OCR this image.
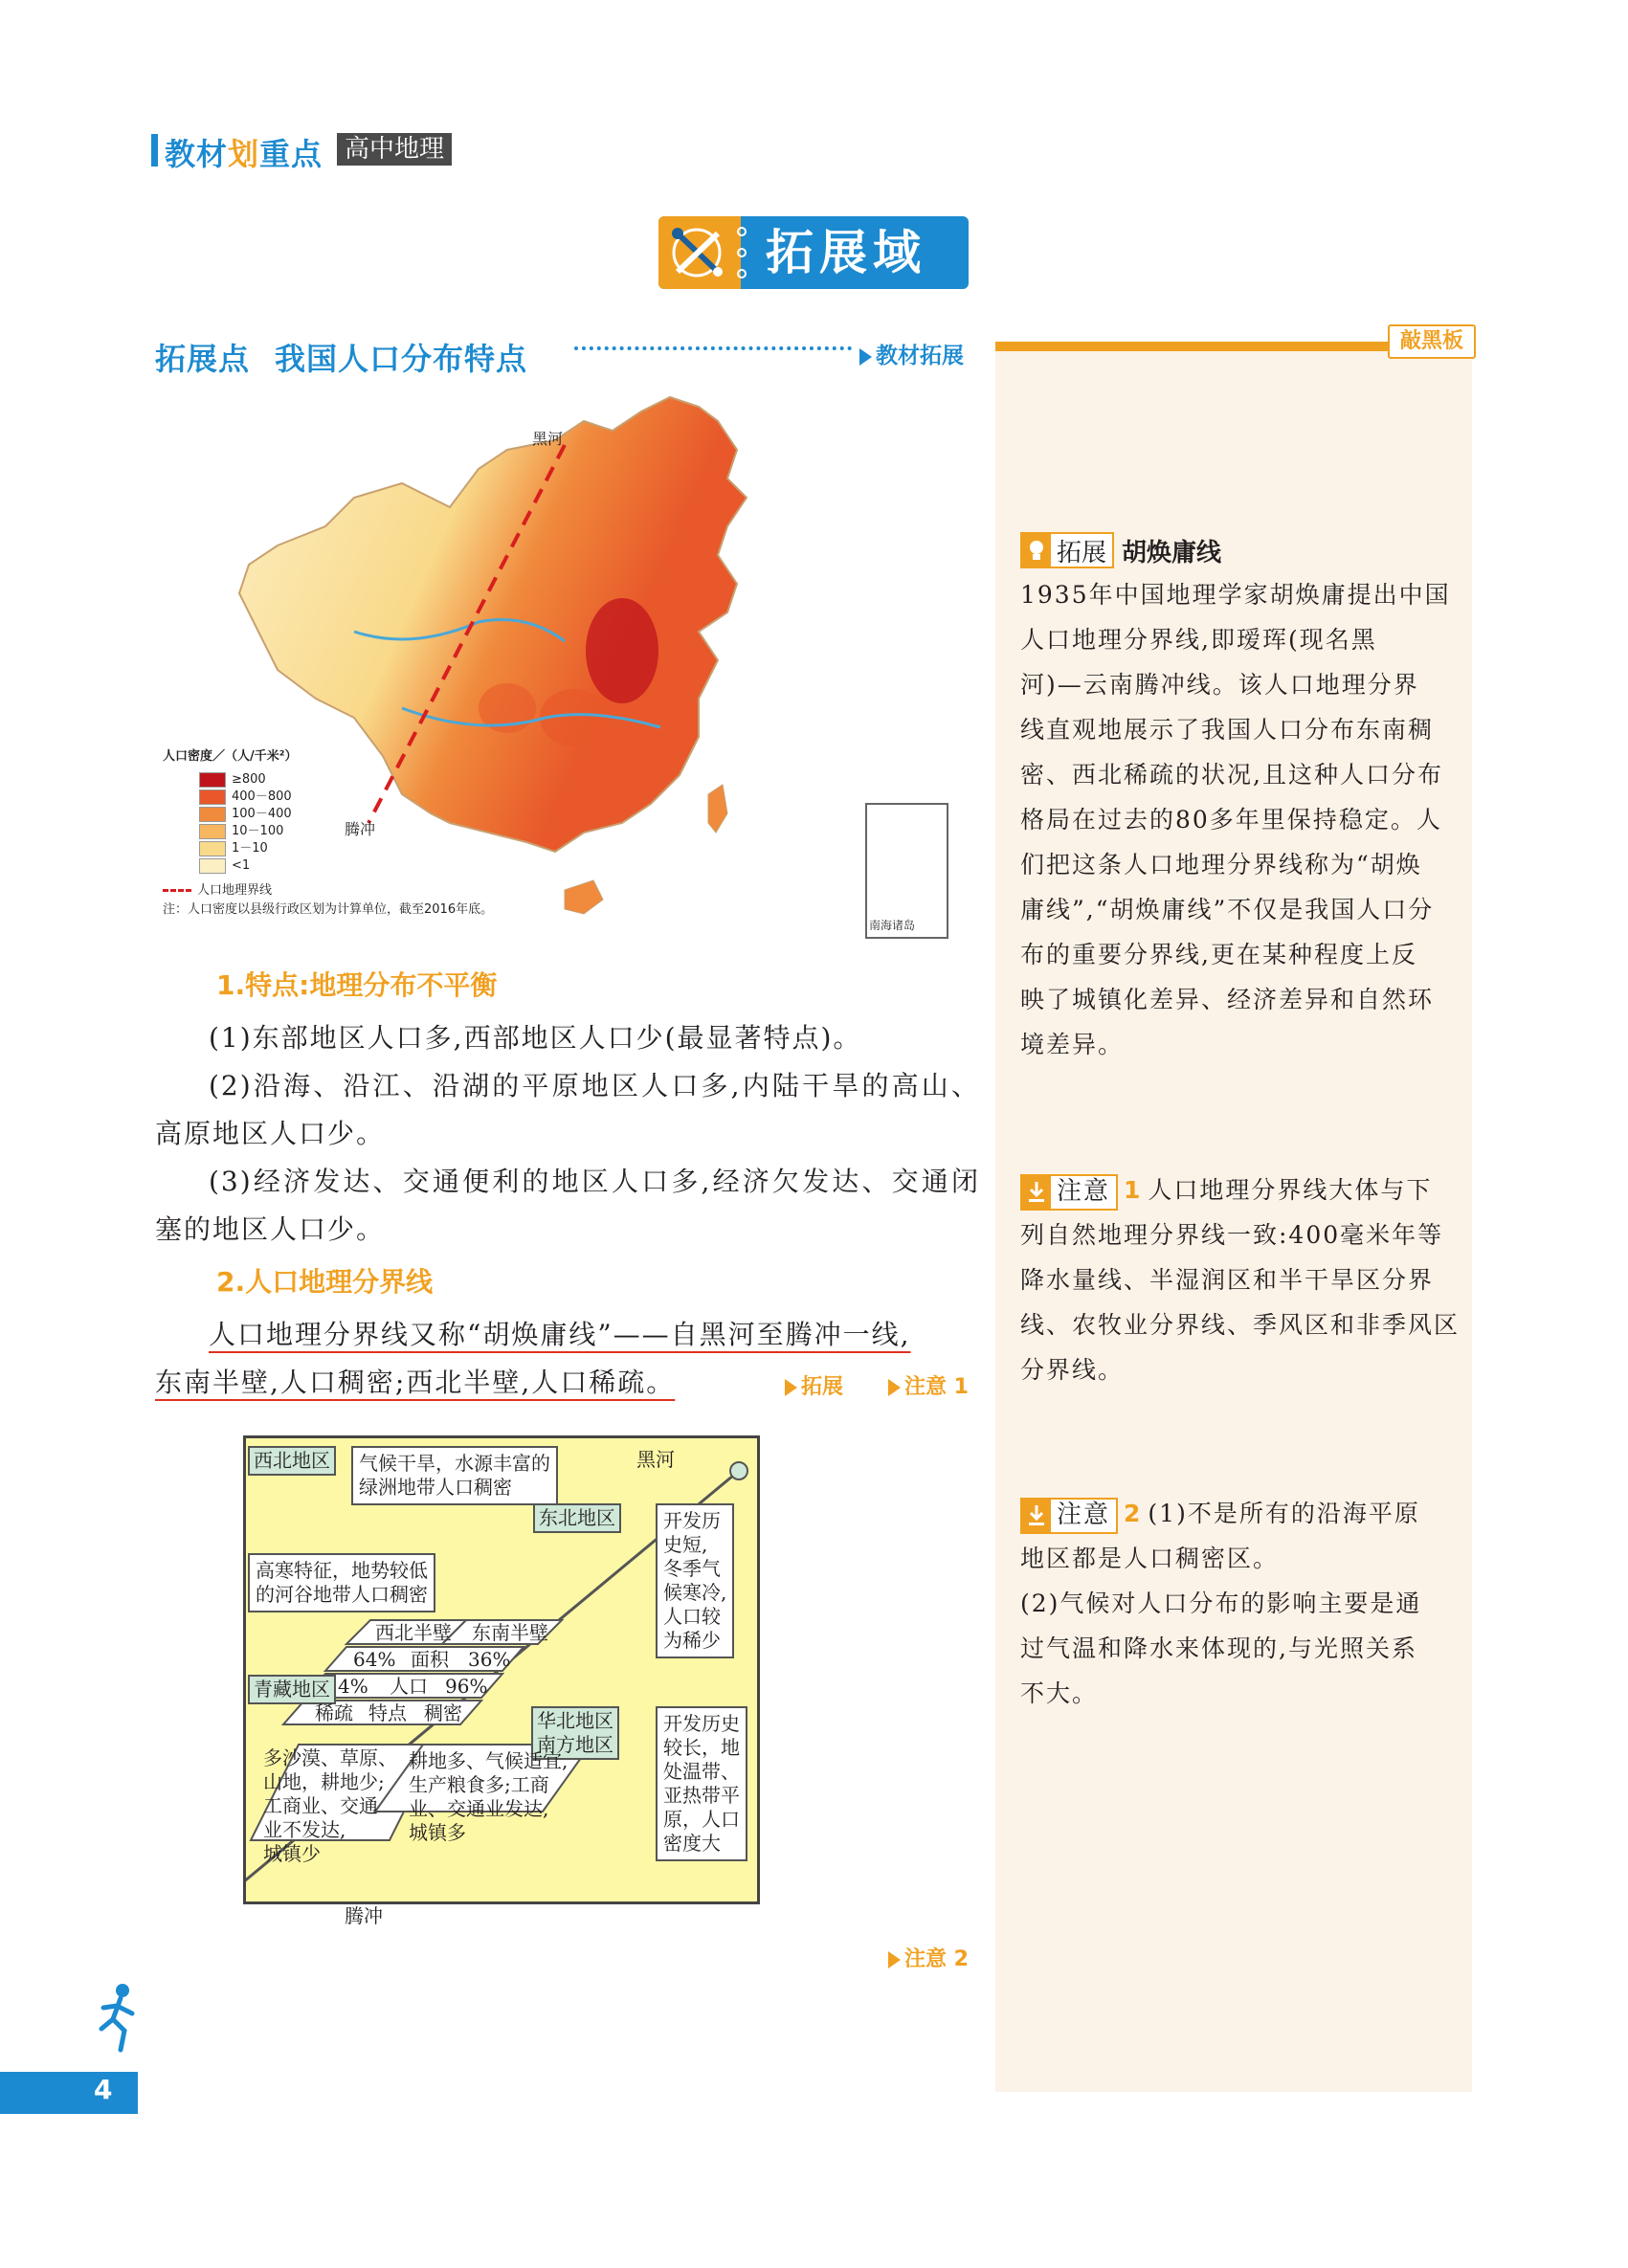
教材划重点 高中地理
拓展域
拓展点 我国人口分布特点	教材拓展
敲黑板
拓展 胡焕庸线
1935年中国地理学家胡焕庸提出中国
人口地理分界线,即瑷珲(现名黑
河)—云南腾冲线。该人口地理分界
线直观地展示了我国人口分布东南稠
密、西北稀疏的状况,且这种人口分布
格局在过去的80多年里保持稳定。人
们把这条人口地理分界线称为“胡焕
庸线”,“胡焕庸线”不仅是我国人口分
布的重要分界线,更在某种程度上反
映了城镇化差异、经济差异和自然环
境差异。
注意 1 人口地理分界线大体与下
列自然地理分界线一致:400毫米年等
降水量线、半湿润区和半干旱区分界
线、农牧业分界线、季风区和非季风区
分界线。
注意 2 (1)不是所有的沿海平原
地区都是人口稠密区。
(2)气候对人口分布的影响主要是通
过气温和降水来体现的,与光照关系
不大。
黑河
腾冲
南海诸岛
人口密度／（人/千米²）
≥800
400－800
100－400
10－100
1－10
<1
人口地理界线
注：人口密度以县级行政区划为计算单位，截至2016年底。
1.特点:地理分布不平衡
(1)东部地区人口多,西部地区人口少(最显著特点)。
(2)沿海、沿江、沿湖的平原地区人口多,内陆干旱的高山、高原地区人口少。
(3)经济发达、交通便利的地区人口多,经济欠发达、交通闭塞的地区人口少。
2.人口地理分界线
人口地理分界线又称“胡焕庸线”——自黑河至腾冲一线,
东南半壁,人口稠密;西北半壁,人口稀疏。	拓展	注意 1
西北地区	气候干旱，水源丰富的
绿洲地带人口稠密
黑河
东北地区	开发历
史短,
冬季气
候寒冷,
人口较
为稀少
高寒特征，地势较低
的河谷地带人口稠密
青藏地区
西北半壁 东南半壁
64% 面积 36%
4% 人口 96%
稀疏 特点 稠密	华北地区
南方地区
开发历史
较长，地
处温带、
亚热带平
原，人口
密度大
多沙漠、草原、
山地，耕地少;
工商业、交通
业不发达,
城镇少
耕地多、气候适宜,
生产粮食多;工商
业、交通业发达,
城镇多
腾冲
注意 2
4
